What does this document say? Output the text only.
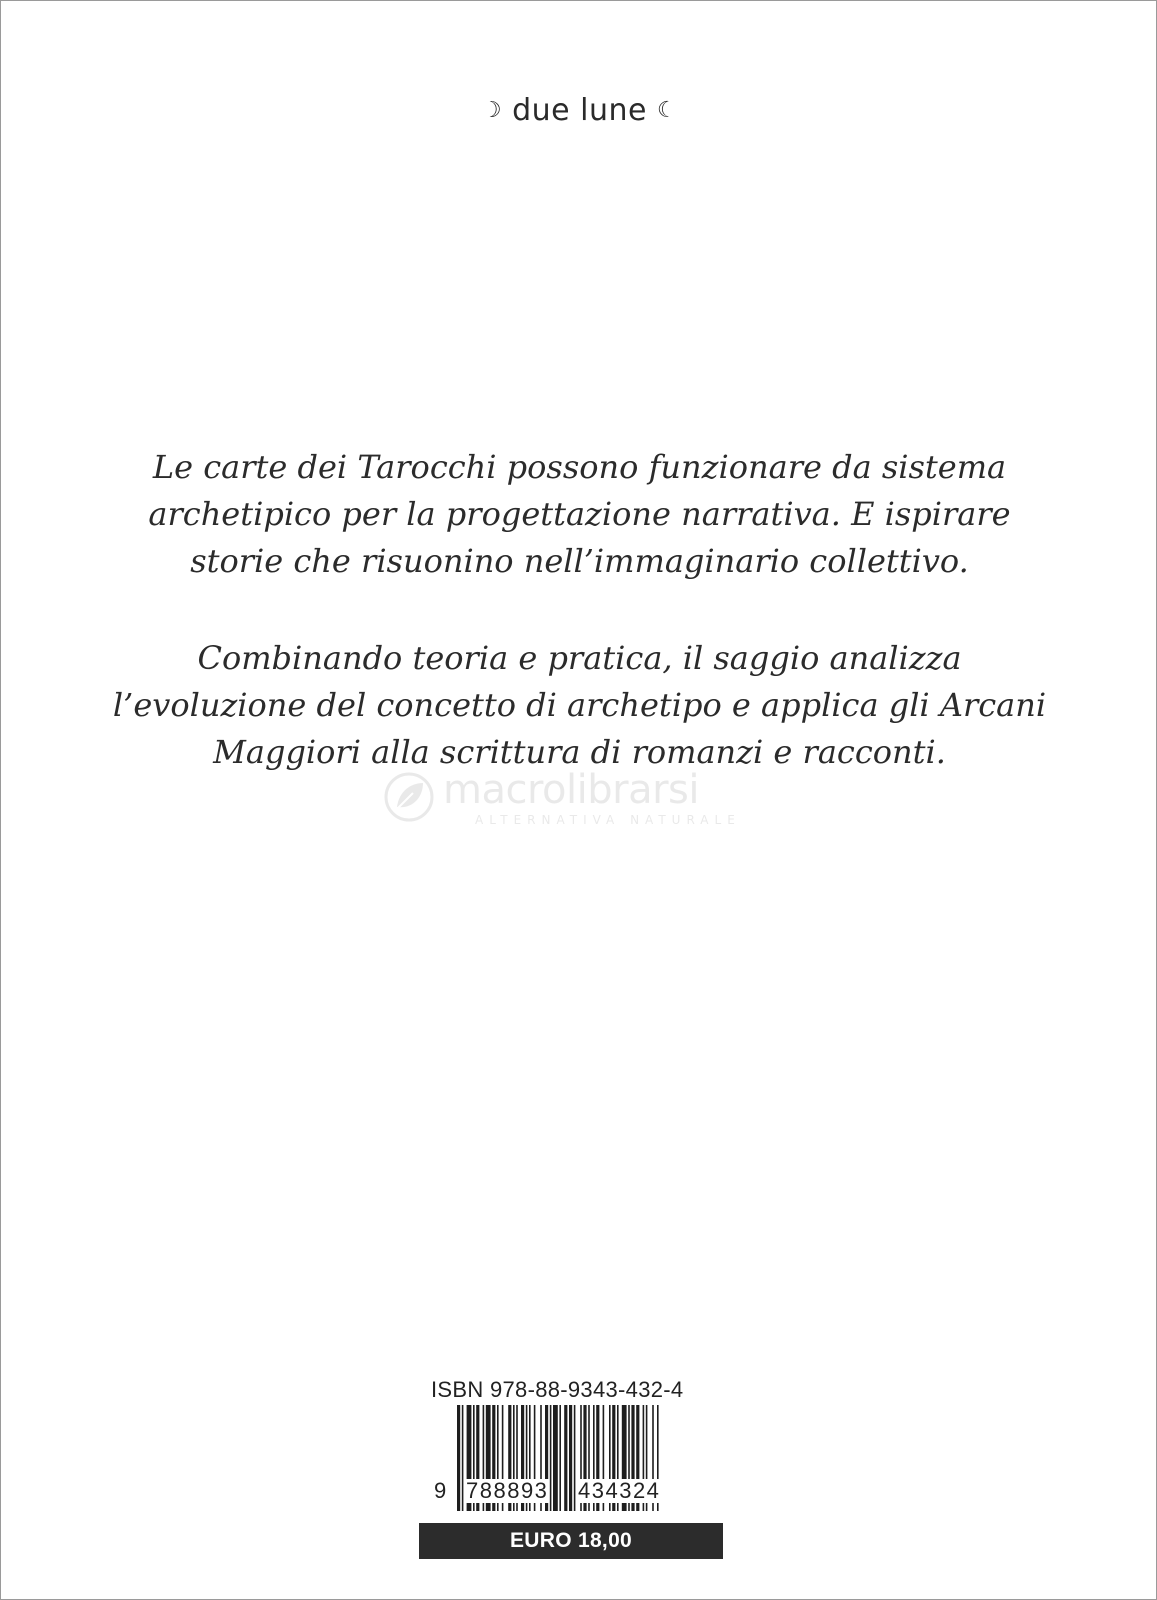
☽ due lune ☾

Le carte dei Tarocchi possono funzionare da sistema
archetipico per la progettazione narrativa. E ispirare
storie che risuonino nell’immaginario collettivo.

Combinando teoria e pratica, il saggio analizza
l’evoluzione del concetto di archetipo e applica gli Arcani
Maggiori alla scrittura di romanzi e racconti.

macrolibrarsi
ALTERNATIVA NATURALE
ISBN 978-88-9343-432-4
9 788893 434324
EURO 18,00
